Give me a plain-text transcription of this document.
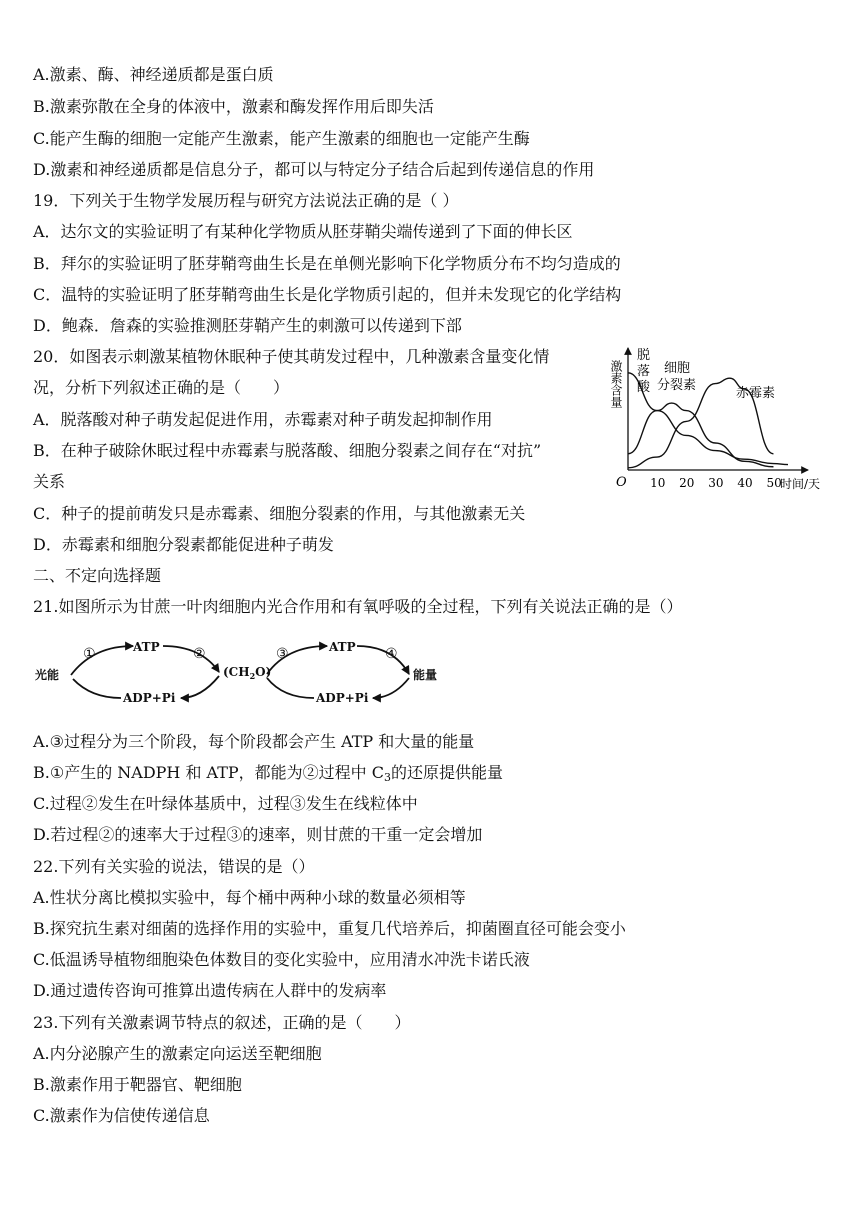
A.激素、酶、神经递质都是蛋白质
B.激素弥散在全身的体液中，激素和酶发挥作用后即失活
C.能产生酶的细胞一定能产生激素，能产生激素的细胞也一定能产生酶
D.激素和神经递质都是信息分子，都可以与特定分子结合后起到传递信息的作用
19．下列关于生物学发展历程与研究方法说法正确的是（ ）
A．达尔文的实验证明了有某种化学物质从胚芽鞘尖端传递到了下面的伸长区
B．拜尔的实验证明了胚芽鞘弯曲生长是在单侧光影响下化学物质分布不均匀造成的
C．温特的实验证明了胚芽鞘弯曲生长是化学物质引起的，但并未发现它的化学结构
D．鲍森．詹森的实验推测胚芽鞘产生的刺激可以传递到下部
20．如图表示刺激某植物休眠种子使其萌发过程中，几种激素含量变化情
况，分析下列叙述正确的是（　　）
A．脱落酸对种子萌发起促进作用，赤霉素对种子萌发起抑制作用
B．在种子破除休眠过程中赤霉素与脱落酸、细胞分裂素之间存在“对抗”
关系
C．种子的提前萌发只是赤霉素、细胞分裂素的作用，与其他激素无关
D．赤霉素和细胞分裂素都能促进种子萌发
二、不定向选择题
21.如图所示为甘蔗一叶肉细胞内光合作用和有氧呼吸的全过程，下列有关说法正确的是（）
A.③过程分为三个阶段，每个阶段都会产生 ATP 和大量的能量
B.①产生的 NADPH 和 ATP，都能为②过程中 $C_3$的还原提供能量
C.过程②发生在叶绿体基质中，过程③发生在线粒体中
D.若过程②的速率大于过程③的速率，则甘蔗的干重一定会增加
22.下列有关实验的说法，错误的是（）
A.性状分离比模拟实验中，每个桶中两种小球的数量必须相等
B.探究抗生素对细菌的选择作用的实验中，重复几代培养后，抑菌圈直径可能会变小
C.低温诱导植物细胞染色体数目的变化实验中，应用清水冲洗卡诺氏液
D.通过遗传咨询可推算出遗传病在人群中的发病率
23.下列有关激素调节特点的叙述，正确的是（　　）
A.内分泌腺产生的激素定向运送至靶细胞
B.激素作用于靶器官、靶细胞
C.激素作为信使传递信息
激素含量
O 10 20 30 40 50
时间/天
脱
落
酸
细胞
分裂素
赤霉素
光能	能量
$(CH_2O)$
ATP
ADP+Pi
ATP
ADP+Pi
①	②	③	④
